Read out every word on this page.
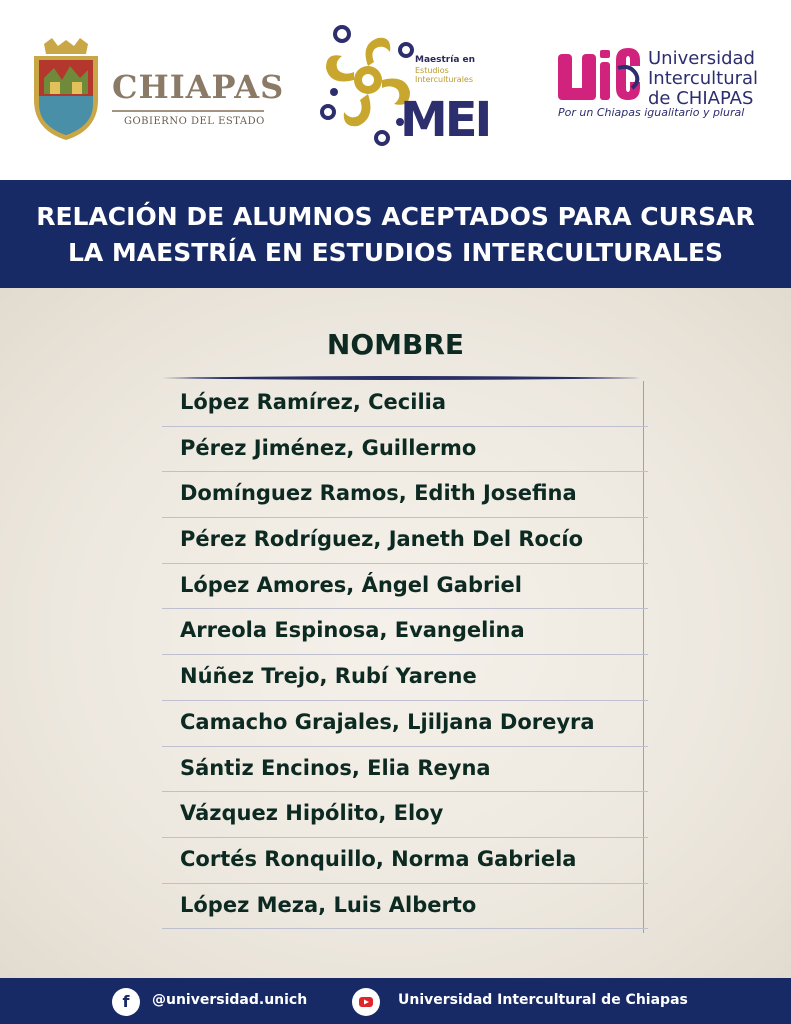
CHIAPAS
GOBIERNO DEL ESTADO
Maestría en
Estudios
Interculturales
MEI
Universidad
Intercultural
de CHIAPAS
Por un Chiapas igualitario y plural
RELACIÓN DE ALUMNOS ACEPTADOS PARA CURSAR
LA MAESTRÍA EN ESTUDIOS INTERCULTURALES
NOMBRE
López Ramírez, Cecilia
Pérez Jiménez, Guillermo
Domínguez Ramos, Edith Josefina
Pérez Rodríguez, Janeth Del Rocío
López Amores, Ángel Gabriel
Arreola Espinosa, Evangelina
Núñez Trejo, Rubí Yarene
Camacho Grajales, Ljiljana Doreyra
Sántiz Encinos, Elia Reyna
Vázquez Hipólito, Eloy
Cortés Ronquillo, Norma Gabriela
López Meza, Luis Alberto
f	@universidad.unich	Universidad Intercultural de Chiapas
